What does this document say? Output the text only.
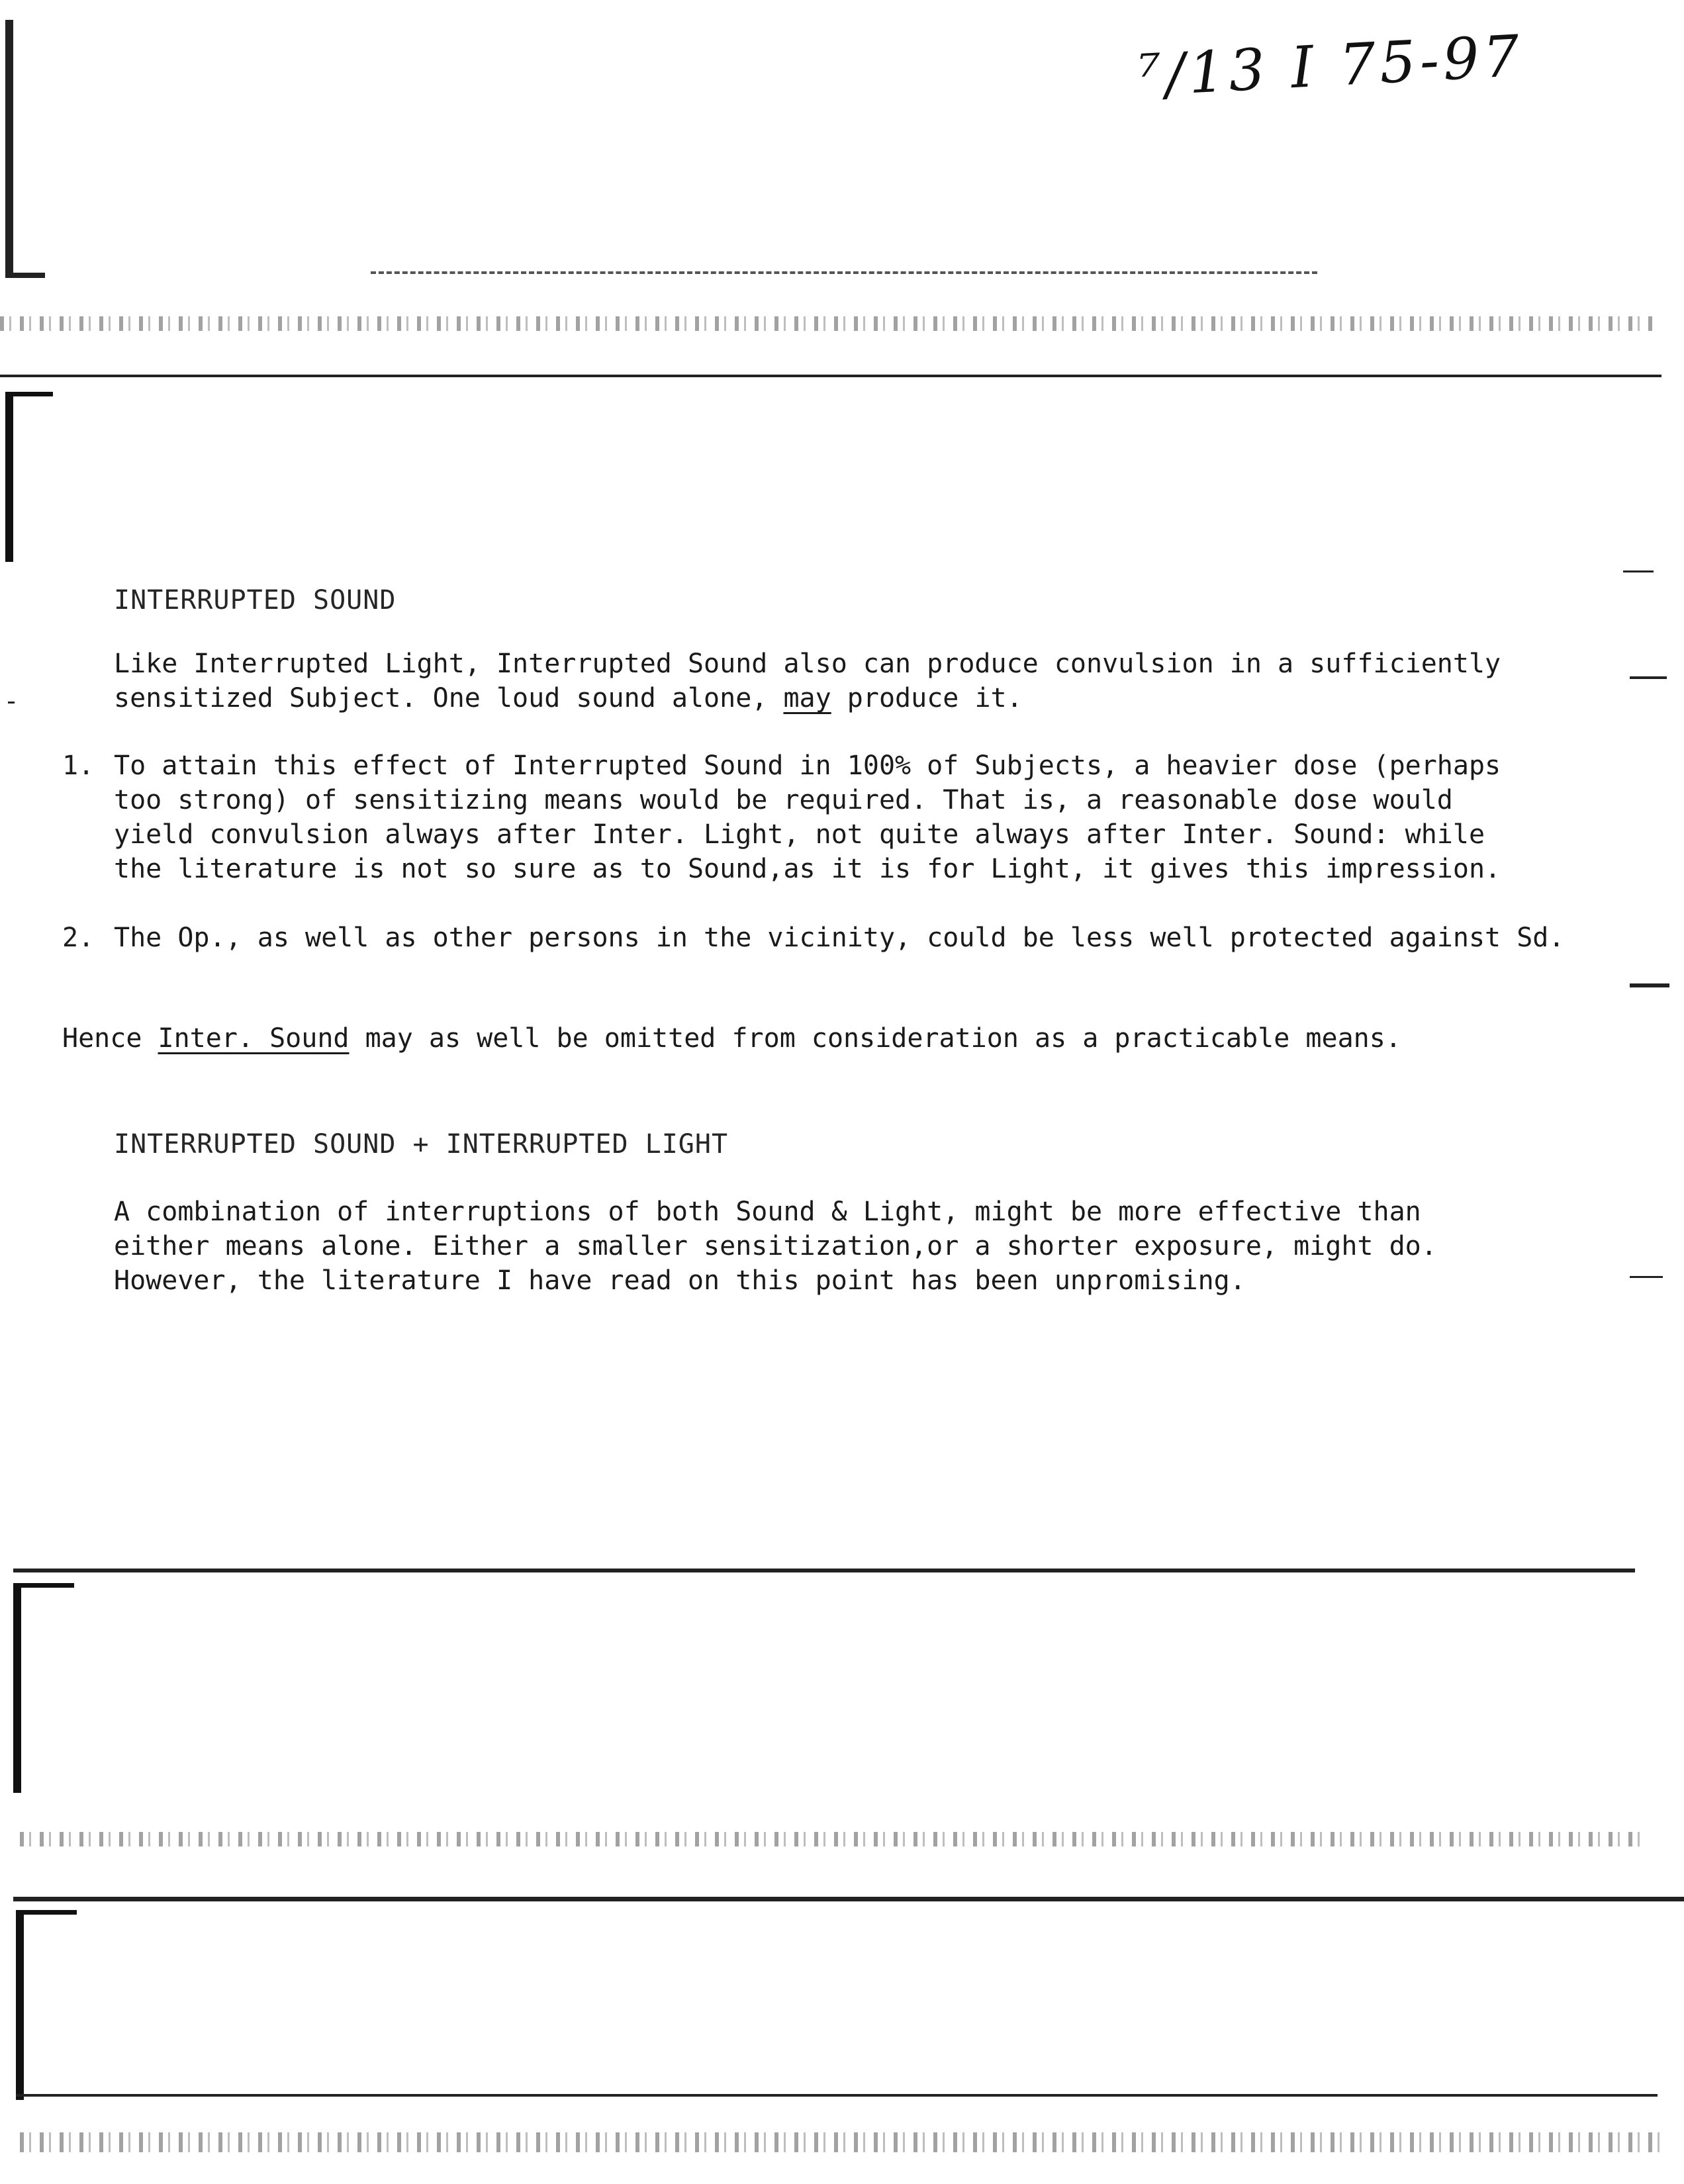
⁷/13 I 75-97
INTERRUPTED SOUND
Like Interrupted Light, Interrupted Sound also can produce convulsion in a sufficiently
sensitized Subject. One loud sound alone, may produce it.
1. To attain this effect of Interrupted Sound in 100% of Subjects, a heavier dose (perhaps
too strong) of sensitizing means would be required. That is, a reasonable dose would
yield convulsion always after Inter. Light, not quite always after Inter. Sound: while
the literature is not so sure as to Sound,as it is for Light, it gives this impression.
2. The Op., as well as other persons in the vicinity, could be less well protected against Sd.
Hence Inter. Sound may as well be omitted from consideration as a practicable means.
INTERRUPTED SOUND + INTERRUPTED LIGHT
A combination of interruptions of both Sound & Light, might be more effective than
either means alone. Either a smaller sensitization,or a shorter exposure, might do.
However, the literature I have read on this point has been unpromising.
